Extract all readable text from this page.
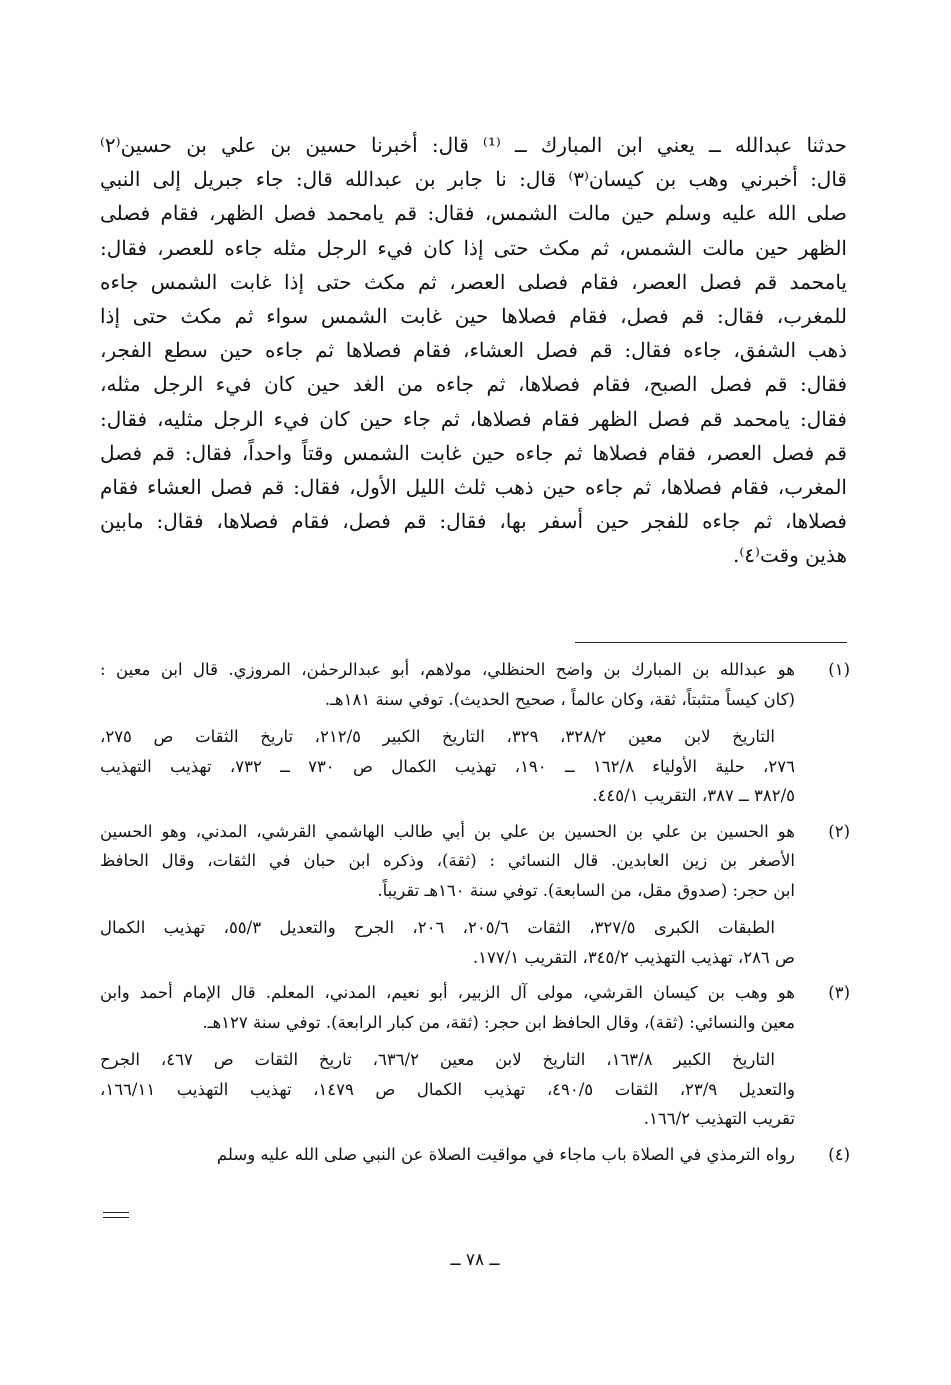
حدثنا عبدالله ــ يعني ابن المبارك ــ ⁽¹⁾ قال: أخبرنا حسين بن علي بن حسين⁽٢⁾
قال: أخبرني وهب بن كيسان⁽٣⁾ قال: نا جابر بن عبدالله قال: جاء جبريل إلى النبي
صلى الله عليه وسلم حين مالت الشمس، فقال: قم يامحمد فصل الظهر، فقام فصلى
الظهر حين مالت الشمس، ثم مكث حتى إذا كان فيء الرجل مثله جاءه للعصر، فقال:
يامحمد قم فصل العصر، فقام فصلى العصر، ثم مكث حتى إذا غابت الشمس جاءه
للمغرب، فقال: قم فصل، فقام فصلاها حين غابت الشمس سواء ثم مكث حتى إذا
ذهب الشفق، جاءه فقال: قم فصل العشاء، فقام فصلاها ثم جاءه حين سطع الفجر،
فقال: قم فصل الصبح، فقام فصلاها، ثم جاءه من الغد حين كان فيء الرجل مثله،
فقال: يامحمد قم فصل الظهر فقام فصلاها، ثم جاء حين كان فيء الرجل مثليه، فقال:
قم فصل العصر، فقام فصلاها ثم جاءه حين غابت الشمس وقتاً واحداً، فقال: قم فصل
المغرب، فقام فصلاها، ثم جاءه حين ذهب ثلث الليل الأول، فقال: قم فصل العشاء فقام
فصلاها، ثم جاءه للفجر حين أسفر بها، فقال: قم فصل، فقام فصلاها، فقال: مابين
هذين وقت⁽٤⁾.
(١)
هو عبدالله بن المبارك بن واضح الحنظلي، مولاهم، أبو عبدالرحمٰن، المروزي. قال ابن معين :
(كان كيساً متثبتاً، ثقة، وكان عالماً ، صحيح الحديث). توفي سنة ١٨١هـ.
التاريخ لابن معين ٣٢٨/٢، ٣٢٩، التاريخ الكبير ٢١٢/٥، تاريخ الثقات ص ٢٧٥،
٢٧٦، حلية الأولياء ١٦٢/٨ ــ ١٩٠، تهذيب الكمال ص ٧٣٠ ــ ٧٣٢، تهذيب التهذيب
٣٨٢/٥ ــ ٣٨٧، التقريب ٤٤٥/١.
(٢)
هو الحسين بن علي بن الحسين بن علي بن أبي طالب الهاشمي القرشي، المدني، وهو الحسين
الأصغر بن زين العابدين. قال النسائي : (ثقة)، وذكره ابن حبان في الثقات، وقال الحافظ
ابن حجر: (صدوق مقل، من السابعة). توفي سنة ١٦٠هـ تقريباً.
الطبقات الكبرى ٣٢٧/٥، الثقات ٢٠٥/٦، ٢٠٦، الجرح والتعديل ٥٥/٣، تهذيب الكمال
ص ٢٨٦، تهذيب التهذيب ٣٤٥/٢، التقريب ١٧٧/١.
(٣)
هو وهب بن كيسان القرشي، مولى آل الزبير، أبو نعيم، المدني، المعلم. قال الإمام أحمد وابن
معين والنسائي: (ثقة)، وقال الحافظ ابن حجر: (ثقة، من كبار الرابعة). توفي سنة ١٢٧هـ.
التاريخ الكبير ١٦٣/٨، التاريخ لابن معين ٦٣٦/٢، تاريخ الثقات ص ٤٦٧، الجرح
والتعديل ٢٣/٩، الثقات ٤٩٠/٥، تهذيب الكمال ص ١٤٧٩، تهذيب التهذيب ١٦٦/١١،
تقريب التهذيب ١٦٦/٢.
(٤)
رواه الترمذي في الصلاة باب ماجاء في مواقيت الصلاة عن النبي صلى الله عليه وسلم
ــ ٧٨ ــ
